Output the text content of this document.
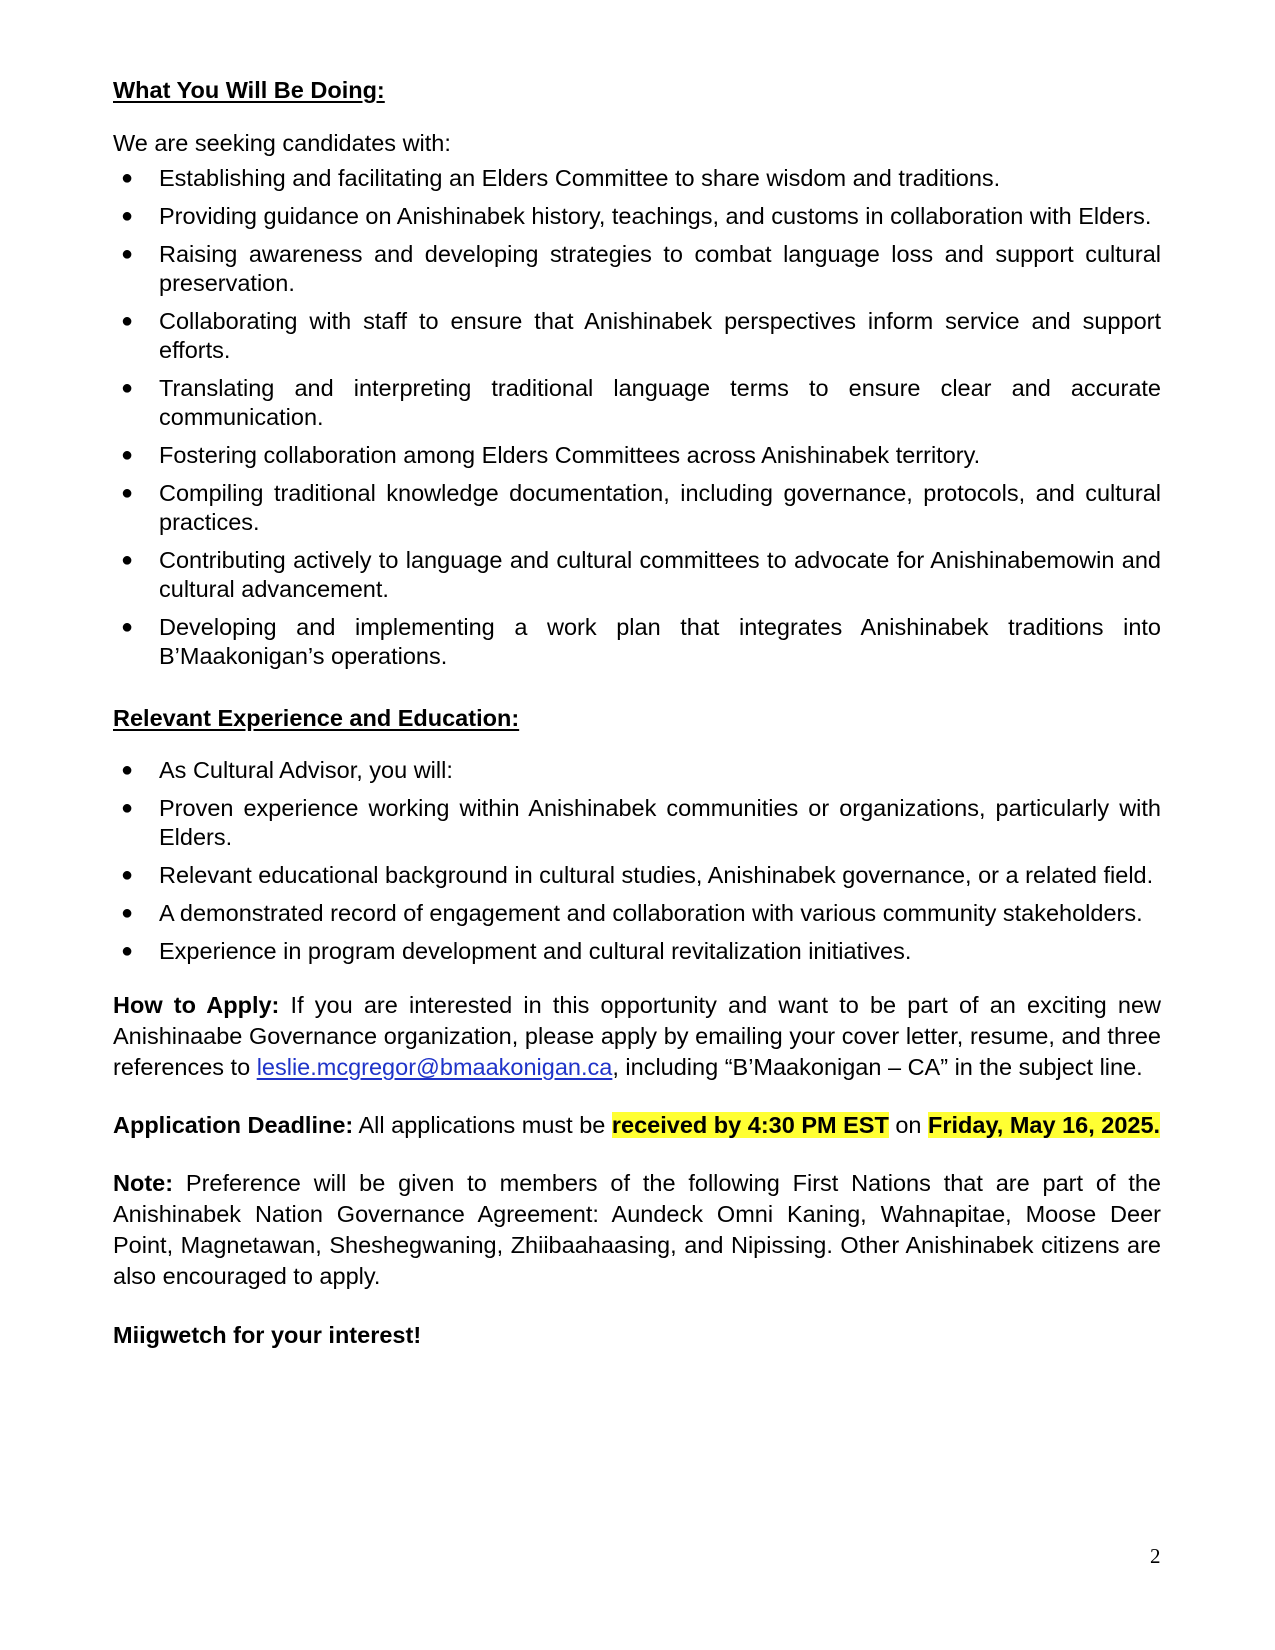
What You Will Be Doing:

We are seeking candidates with:

● Establishing and facilitating an Elders Committee to share wisdom and traditions.
● Providing guidance on Anishinabek history, teachings, and customs in collaboration with Elders.
● Raising awareness and developing strategies to combat language loss and support cultural preservation.
● Collaborating with staff to ensure that Anishinabek perspectives inform service and support efforts.
● Translating and interpreting traditional language terms to ensure clear and accurate communication.
● Fostering collaboration among Elders Committees across Anishinabek territory.
● Compiling traditional knowledge documentation, including governance, protocols, and cultural practices.
● Contributing actively to language and cultural committees to advocate for Anishinabemowin and cultural advancement.
● Developing and implementing a work plan that integrates Anishinabek traditions into B’Maakonigan’s operations.

Relevant Experience and Education:

● As Cultural Advisor, you will:
● Proven experience working within Anishinabek communities or organizations, particularly with Elders.
● Relevant educational background in cultural studies, Anishinabek governance, or a related field.
● A demonstrated record of engagement and collaboration with various community stakeholders.
● Experience in program development and cultural revitalization initiatives.

How to Apply: If you are interested in this opportunity and want to be part of an exciting new Anishinaabe Governance organization, please apply by emailing your cover letter, resume, and three references to leslie.mcgregor@bmaakonigan.ca, including “B’Maakonigan – CA” in the subject line.

Application Deadline: All applications must be received by 4:30 PM EST on Friday, May 16, 2025.

Note: Preference will be given to members of the following First Nations that are part of the Anishinabek Nation Governance Agreement: Aundeck Omni Kaning, Wahnapitae, Moose Deer Point, Magnetawan, Sheshegwaning, Zhiibaahaasing, and Nipissing. Other Anishinabek citizens are also encouraged to apply.

Miigwetch for your interest!

2
